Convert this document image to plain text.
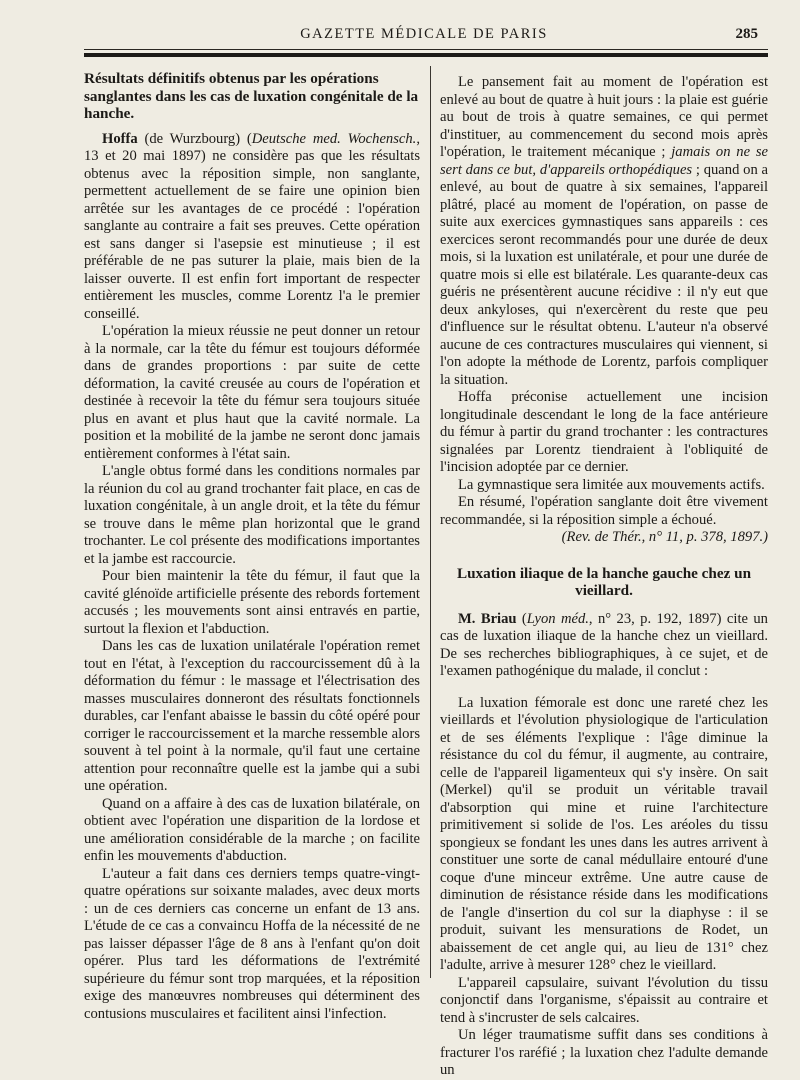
GAZETTE MÉDICALE DE PARIS	285
Résultats définitifs obtenus par les opérations sanglantes dans les cas de luxation congénitale de la hanche.

Hoffa (de Wurzbourg) (Deutsche med. Wochensch., 13 et 20 mai 1897) ne considère pas que les résultats obtenus avec la réposition simple, non sanglante, permettent actuellement de se faire une opinion bien arrêtée sur les avantages de ce procédé : l'opération sanglante au contraire a fait ses preuves. Cette opération est sans danger si l'asepsie est minutieuse ; il est préférable de ne pas suturer la plaie, mais bien de la laisser ouverte. Il est enfin fort important de respecter entièrement les muscles, comme Lorentz l'a le premier conseillé.

L'opération la mieux réussie ne peut donner un retour à la normale, car la tête du fémur est toujours déformée dans de grandes proportions : par suite de cette déformation, la cavité creusée au cours de l'opération et destinée à recevoir la tête du fémur sera toujours située plus en avant et plus haut que la cavité normale. La position et la mobilité de la jambe ne seront donc jamais entièrement conformes à l'état sain.

L'angle obtus formé dans les conditions normales par la réunion du col au grand trochanter fait place, en cas de luxation congénitale, à un angle droit, et la tête du fémur se trouve dans le même plan horizontal que le grand trochanter. Le col présente des modifications importantes et la jambe est raccourcie.

Pour bien maintenir la tête du fémur, il faut que la cavité glénoïde artificielle présente des rebords fortement accusés ; les mouvements sont ainsi entravés en partie, surtout la flexion et l'abduction.

Dans les cas de luxation unilatérale l'opération remet tout en l'état, à l'exception du raccourcissement dû à la déformation du fémur : le massage et l'électrisation des masses musculaires donneront des résultats fonctionnels durables, car l'enfant abaisse le bassin du côté opéré pour corriger le raccourcissement et la marche ressemble alors souvent à tel point à la normale, qu'il faut une certaine attention pour reconnaître quelle est la jambe qui a subi une opération.

Quand on a affaire à des cas de luxation bilatérale, on obtient avec l'opération une disparition de la lordose et une amélioration considérable de la marche ; on facilite enfin les mouvements d'abduction.

L'auteur a fait dans ces derniers temps quatre-vingt-quatre opérations sur soixante malades, avec deux morts : un de ces derniers cas concerne un enfant de 13 ans. L'étude de ce cas a convaincu Hoffa de la nécessité de ne pas laisser dépasser l'âge de 8 ans à l'enfant qu'on doit opérer. Plus tard les déformations de l'extrémité supérieure du fémur sont trop marquées, et la réposition exige des manœuvres nombreuses qui déterminent des contusions musculaires et facilitent ainsi l'infection.

Le pansement fait au moment de l'opération est enlevé au bout de quatre à huit jours : la plaie est guérie au bout de trois à quatre semaines, ce qui permet d'instituer, au commencement du second mois après l'opération, le traitement mécanique ; jamais on ne se sert dans ce but, d'appareils orthopédiques ; quand on a enlevé, au bout de quatre à six semaines, l'appareil plâtré, placé au moment de l'opération, on passe de suite aux exercices gymnastiques sans appareils : ces exercices seront recommandés pour une durée de deux mois, si la luxation est unilatérale, et pour une durée de quatre mois si elle est bilatérale. Les quarante-deux cas guéris ne présentèrent aucune récidive : il n'y eut que deux ankyloses, qui n'exercèrent du reste que peu d'influence sur le résultat obtenu. L'auteur n'a observé aucune de ces contractures musculaires qui viennent, si l'on adopte la méthode de Lorentz, parfois compliquer la situation.

Hoffa préconise actuellement une incision longitudinale descendant le long de la face antérieure du fémur à partir du grand trochanter : les contractures signalées par Lorentz tiendraient à l'obliquité de l'incision adoptée par ce dernier.

La gymnastique sera limitée aux mouvements actifs.

En résumé, l'opération sanglante doit être vivement recommandée, si la réposition simple a échoué.

(Rev. de Thér., n° 11, p. 378, 1897.)

Luxation iliaque de la hanche gauche chez un vieillard.

M. Briau (Lyon méd., n° 23, p. 192, 1897) cite un cas de luxation iliaque de la hanche chez un vieillard. De ses recherches bibliographiques, à ce sujet, et de l'examen pathogénique du malade, il conclut :

La luxation fémorale est donc une rareté chez les vieillards et l'évolution physiologique de l'articulation et de ses éléments l'explique : l'âge diminue la résistance du col du fémur, il augmente, au contraire, celle de l'appareil ligamenteux qui s'y insère. On sait (Merkel) qu'il se produit un véritable travail d'absorption qui mine et ruine l'architecture primitivement si solide de l'os. Les aréoles du tissu spongieux se fondant les unes dans les autres arrivent à constituer une sorte de canal médullaire entouré d'une coque d'une minceur extrême. Une autre cause de diminution de résistance réside dans les modifications de l'angle d'insertion du col sur la diaphyse : il se produit, suivant les mensurations de Rodet, un abaissement de cet angle qui, au lieu de 131° chez l'adulte, arrive à mesurer 128° chez le vieillard.

L'appareil capsulaire, suivant l'évolution du tissu conjonctif dans l'organisme, s'épaissit au contraire et tend à s'incruster de sels calcaires.

Un léger traumatisme suffit dans ses conditions à fracturer l'os raréfié ; la luxation chez l'adulte demande un
